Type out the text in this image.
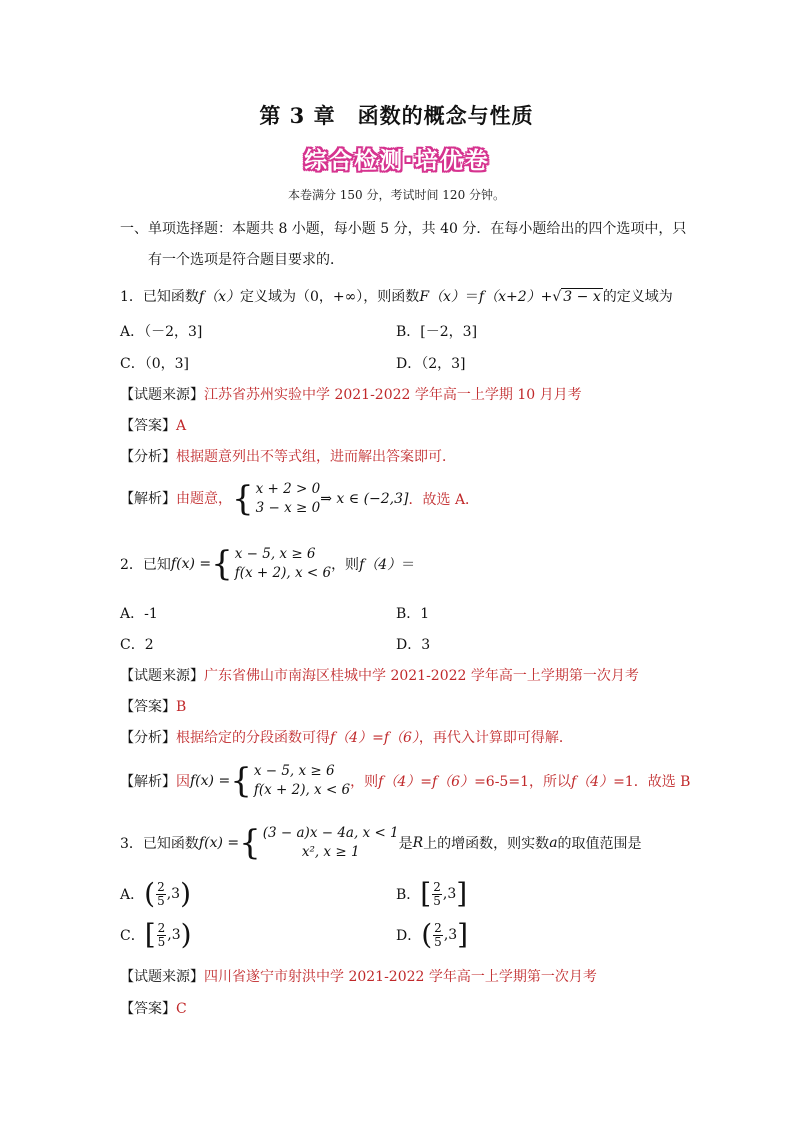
第 3 章　函数的概念与性质
综合检测·培优卷
本卷满分 150 分，考试时间 120 分钟。
一、单项选择题：本题共 8 小题，每小题 5 分，共 40 分．在每小题给出的四个选项中，只
有一个选项是符合题目要求的．
1．已知函数f（x）定义域为（0，+∞），则函数F（x）＝f（x+2）+√ 3 − x 的定义域为
A．（－2，3]	B．[－2，3]
C．（0，3]	D．（2，3]
【试题来源】江苏省苏州实验中学 2021-2022 学年高一上学期 10 月月考
【答案】A
【分析】根据题意列出不等式组，进而解出答案即可．
【解析】由题意，{ x + 2 > 0
3 − x ≥ 0⇒ x ∈ (−2,3]．故选 A．
2．已知f(x) ={ x − 5, x ≥ 6
f(x + 2), x < 6，则f（4）＝
A．-1	B．1
C．2	D．3
【试题来源】广东省佛山市南海区桂城中学 2021-2022 学年高一上学期第一次月考
【答案】B
【分析】根据给定的分段函数可得f（4）=f（6），再代入计算即可得解．
【解析】因f(x) ={ x − 5, x ≥ 6
f(x + 2), x < 6，则f（4）=f（6）=6-5=1，所以f（4）=1．故选 B
3．已知函数f(x) ={ (3 − a)x − 4a, x < 1
x², x ≥ 1	是R上的增函数，则实数a的取值范围是
A．( $\frac{2}{5} ,3$)	B．[ $\frac{2}{5} ,3$]
C．[ $\frac{2}{5} ,3$)	D．( $\frac{2}{5} ,3$]
【试题来源】四川省遂宁市射洪中学 2021-2022 学年高一上学期第一次月考
【答案】C
